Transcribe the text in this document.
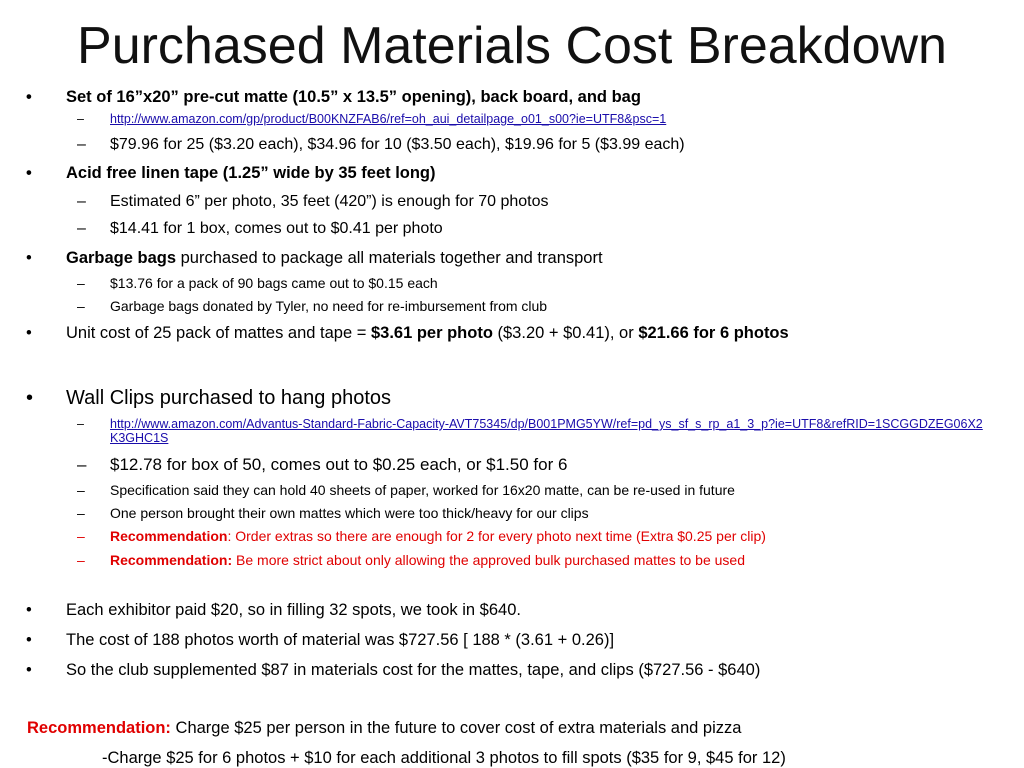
Purchased Materials Cost Breakdown
• Set of 16”x20” pre-cut matte (10.5” x 13.5” opening), back board, and bag
– http://www.amazon.com/gp/product/B00KNZFAB6/ref=oh_aui_detailpage_o01_s00?ie=UTF8&psc=1
– $79.96 for 25 ($3.20 each), $34.96 for 10 ($3.50 each), $19.96 for 5 ($3.99 each)
• Acid free linen tape (1.25” wide by 35 feet long)
– Estimated 6” per photo, 35 feet (420”) is enough for 70 photos
– $14.41 for 1 box, comes out to $0.41 per photo
• Garbage bags purchased to package all materials together and transport
– $13.76 for a pack of 90 bags came out to $0.15 each
– Garbage bags donated by Tyler, no need for re-imbursement from club
• Unit cost of 25 pack of mattes and tape = $3.61 per photo ($3.20 + $0.41), or $21.66 for 6 photos
• Wall Clips purchased to hang photos
– http://www.amazon.com/Advantus-Standard-Fabric-Capacity-AVT75345/dp/B001PMG5YW/ref=pd_ys_sf_s_rp_a1_3_p?ie=UTF8&refRID=1SCGGDZEG06X2
K3GHC1S
– $12.78 for box of 50, comes out to $0.25 each, or $1.50 for 6
– Specification said they can hold 40 sheets of paper, worked for 16x20 matte, can be re-used in future
– One person brought their own mattes which were too thick/heavy for our clips
– Recommendation: Order extras so there are enough for 2 for every photo next time (Extra $0.25 per clip)
– Recommendation: Be more strict about only allowing the approved bulk purchased mattes to be used
• Each exhibitor paid $20, so in filling 32 spots, we took in $640.
• The cost of 188 photos worth of material was $727.56 [ 188 * (3.61 + 0.26)]
• So the club supplemented $87 in materials cost for the mattes, tape, and clips ($727.56 - $640)
Recommendation: Charge $25 per person in the future to cover cost of extra materials and pizza
-Charge $25 for 6 photos + $10 for each additional 3 photos to fill spots ($35 for 9, $45 for 12)
